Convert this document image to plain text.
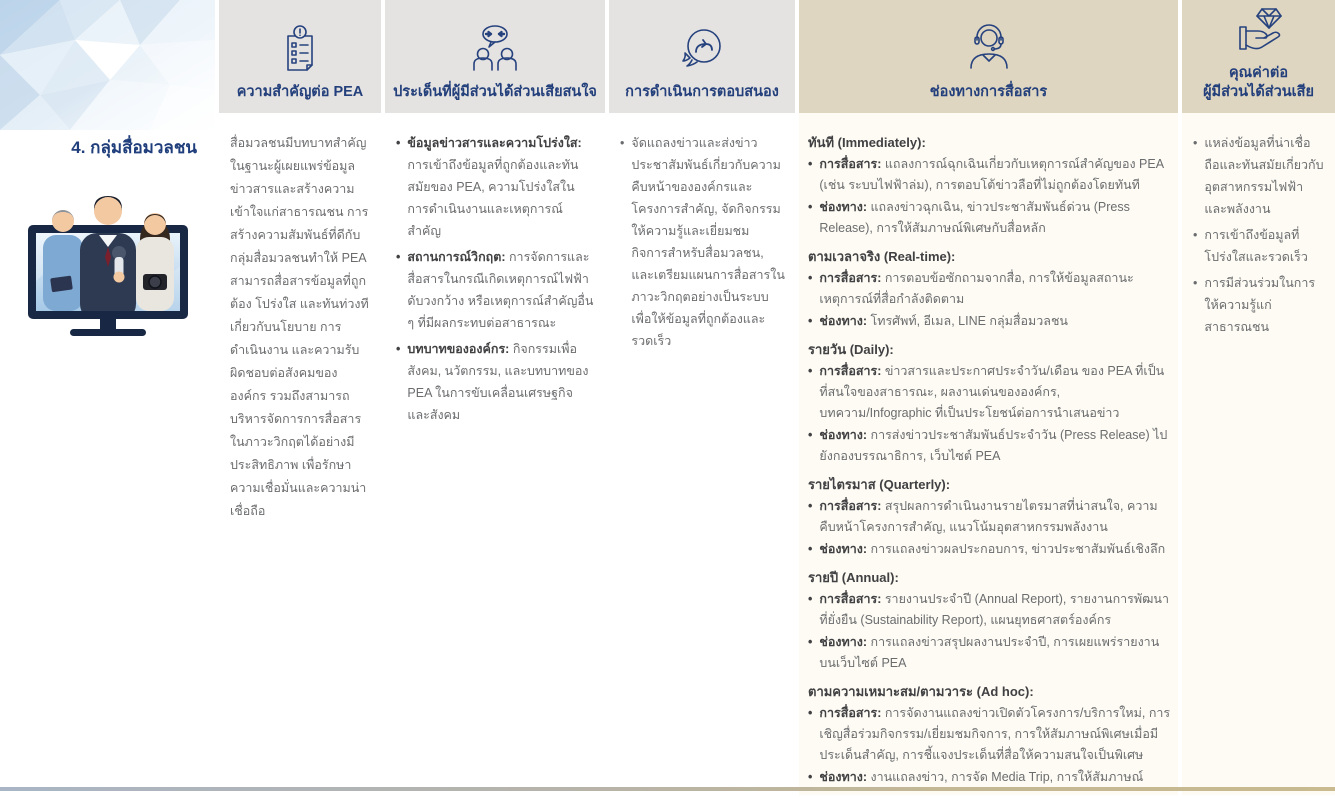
ความสำคัญต่อ PEA ประเด็นที่ผู้มีส่วนได้ส่วนเสียสนใจ การดำเนินการตอบสนอง	ช่องทางการสื่อสาร
คุณค่าต่อ
ผู้มีส่วนได้ส่วนเสีย
4. กลุ่มสื่อมวลชน	สื่อมวลชนมีบทบาทสำคัญในฐานะผู้เผยแพร่ข้อมูลข่าวสารและสร้างความเข้าใจแก่สาธารณชน การสร้างความสัมพันธ์ที่ดีกับกลุ่มสื่อมวลชนทำให้ PEA สามารถสื่อสารข้อมูลที่ถูกต้อง โปร่งใส และทันท่วงทีเกี่ยวกับนโยบาย การดำเนินงาน และความรับผิดชอบต่อสังคมขององค์กร รวมถึงสามารถบริหารจัดการการสื่อสารในภาวะวิกฤตได้อย่างมีประสิทธิภาพ เพื่อรักษาความเชื่อมั่นและความน่าเชื่อถือ

• ข้อมูลข่าวสารและความโปร่งใส: การเข้าถึงข้อมูลที่ถูกต้องและทันสมัยของ PEA, ความโปร่งใสในการดำเนินงานและเหตุการณ์สำคัญ
• สถานการณ์วิกฤต: การจัดการและสื่อสารในกรณีเกิดเหตุการณ์ไฟฟ้าดับวงกว้าง หรือเหตุการณ์สำคัญอื่น ๆ ที่มีผลกระทบต่อสาธารณะ
• บทบาทขององค์กร: กิจกรรมเพื่อสังคม, นวัตกรรม, และบทบาทของ PEA ในการขับเคลื่อนเศรษฐกิจและสังคม
• จัดแถลงข่าวและส่งข่าวประชาสัมพันธ์เกี่ยวกับความคืบหน้าขององค์กรและโครงการสำคัญ, จัดกิจกรรมให้ความรู้และเยี่ยมชมกิจการสำหรับสื่อมวลชน, และเตรียมแผนการสื่อสารในภาวะวิกฤตอย่างเป็นระบบ เพื่อให้ข้อมูลที่ถูกต้องและรวดเร็ว
ทันที (Immediately):
• การสื่อสาร: แถลงการณ์ฉุกเฉินเกี่ยวกับเหตุการณ์สำคัญของ PEA (เช่น ระบบไฟฟ้าล่ม), การตอบโต้ข่าวลือที่ไม่ถูกต้องโดยทันที
• ช่องทาง: แถลงข่าวฉุกเฉิน, ข่าวประชาสัมพันธ์ด่วน (Press Release), การให้สัมภาษณ์พิเศษกับสื่อหลัก
ตามเวลาจริง (Real-time):
• การสื่อสาร: การตอบข้อซักถามจากสื่อ, การให้ข้อมูลสถานะเหตุการณ์ที่สื่อกำลังติดตาม
• ช่องทาง: โทรศัพท์, อีเมล, LINE กลุ่มสื่อมวลชน
รายวัน (Daily):
• การสื่อสาร: ข่าวสารและประกาศประจำวัน/เดือน ของ PEA ที่เป็นที่สนใจของสาธารณะ, ผลงานเด่นขององค์กร, บทความ/Infographic ที่เป็นประโยชน์ต่อการนำเสนอข่าว
• ช่องทาง: การส่งข่าวประชาสัมพันธ์ประจำวัน (Press Release) ไปยังกองบรรณาธิการ, เว็บไซต์ PEA
รายไตรมาส (Quarterly):
• การสื่อสาร: สรุปผลการดำเนินงานรายไตรมาสที่น่าสนใจ, ความคืบหน้าโครงการสำคัญ, แนวโน้มอุตสาหกรรมพลังงาน
• ช่องทาง: การแถลงข่าวผลประกอบการ, ข่าวประชาสัมพันธ์เชิงลึก
รายปี (Annual):
• การสื่อสาร: รายงานประจำปี (Annual Report), รายงานการพัฒนาที่ยั่งยืน (Sustainability Report), แผนยุทธศาสตร์องค์กร
• ช่องทาง: การแถลงข่าวสรุปผลงานประจำปี, การเผยแพร่รายงานบนเว็บไซต์ PEA
ตามความเหมาะสม/ตามวาระ (Ad hoc):
• การสื่อสาร: การจัดงานแถลงข่าวเปิดตัวโครงการ/บริการใหม่, การเชิญสื่อร่วมกิจกรรม/เยี่ยมชมกิจการ, การให้สัมภาษณ์พิเศษเมื่อมีประเด็นสำคัญ, การชี้แจงประเด็นที่สื่อให้ความสนใจเป็นพิเศษ
• ช่องทาง: งานแถลงข่าว, การจัด Media Trip, การให้สัมภาษณ์
• แหล่งข้อมูลที่น่าเชื่อถือและทันสมัยเกี่ยวกับอุตสาหกรรมไฟฟ้าและพลังงาน
• การเข้าถึงข้อมูลที่โปร่งใสและรวดเร็ว
• การมีส่วนร่วมในการให้ความรู้แก่สาธารณชน
